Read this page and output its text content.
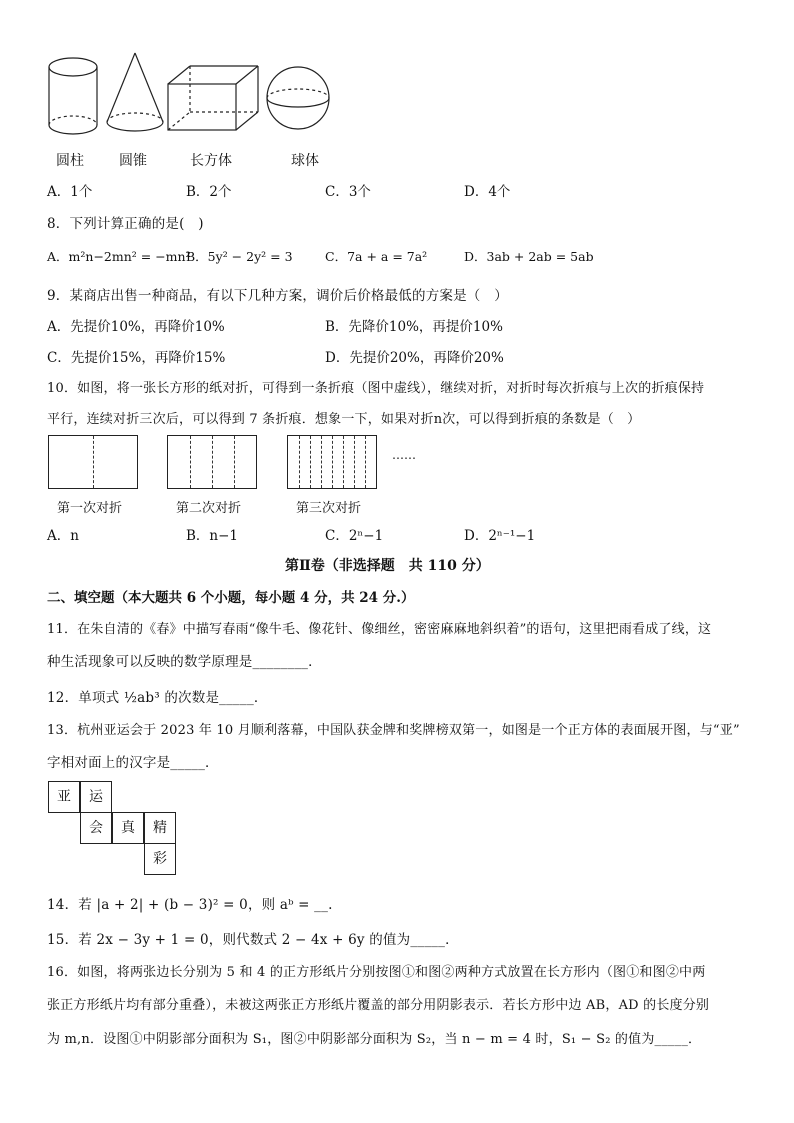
圆柱	圆锥	长方体	球体
A．1个	B．2个	C．3个	D．4个
8．下列计算正确的是(　)
A．m²n−2mn² = −mn²
B．5y² − 2y² = 3	C．7a + a = 7a²	D．3ab + 2ab = 5ab
9．某商店出售一种商品，有以下几种方案，调价后价格最低的方案是（　）
A．先提价10%，再降价10%	B．先降价10%，再提价10%
C．先提价15%，再降价15%	D．先提价20%，再降价20%
10．如图，将一张长方形的纸对折，可得到一条折痕（图中虚线），继续对折，对折时每次折痕与上次的折痕保持
平行，连续对折三次后，可以得到 7 条折痕．想象一下，如果对折n次，可以得到折痕的条数是（　）
……
第一次对折	第二次对折	第三次对折
A．n	B．n−1	C．2ⁿ−1	D．2ⁿ⁻¹−1
第Ⅱ卷（非选择题　共 110 分）
二、填空题（本大题共 6 个小题，每小题 4 分，共 24 分.）
11．在朱自清的《春》中描写春雨“像牛毛、像花针、像细丝，密密麻麻地斜织着”的语句，这里把雨看成了线，这
种生活现象可以反映的数学原理是________．
12．单项式 ½ab³ 的次数是_____．
13．杭州亚运会于 2023 年 10 月顺利落幕，中国队获金牌和奖牌榜双第一，如图是一个正方体的表面展开图，与“亚”
字相对面上的汉字是_____．
亚	运
会	真	精
彩
14．若 |a + 2| + (b − 3)² = 0，则 aᵇ = __.
15．若 2x − 3y + 1 = 0，则代数式 2 − 4x + 6y 的值为_____．
16．如图，将两张边长分别为 5 和 4 的正方形纸片分别按图①和图②两种方式放置在长方形内（图①和图②中两
张正方形纸片均有部分重叠），未被这两张正方形纸片覆盖的部分用阴影表示．若长方形中边 AB，AD 的长度分别
为 m,n．设图①中阴影部分面积为 S₁，图②中阴影部分面积为 S₂，当 n − m = 4 时，S₁ − S₂ 的值为_____．
